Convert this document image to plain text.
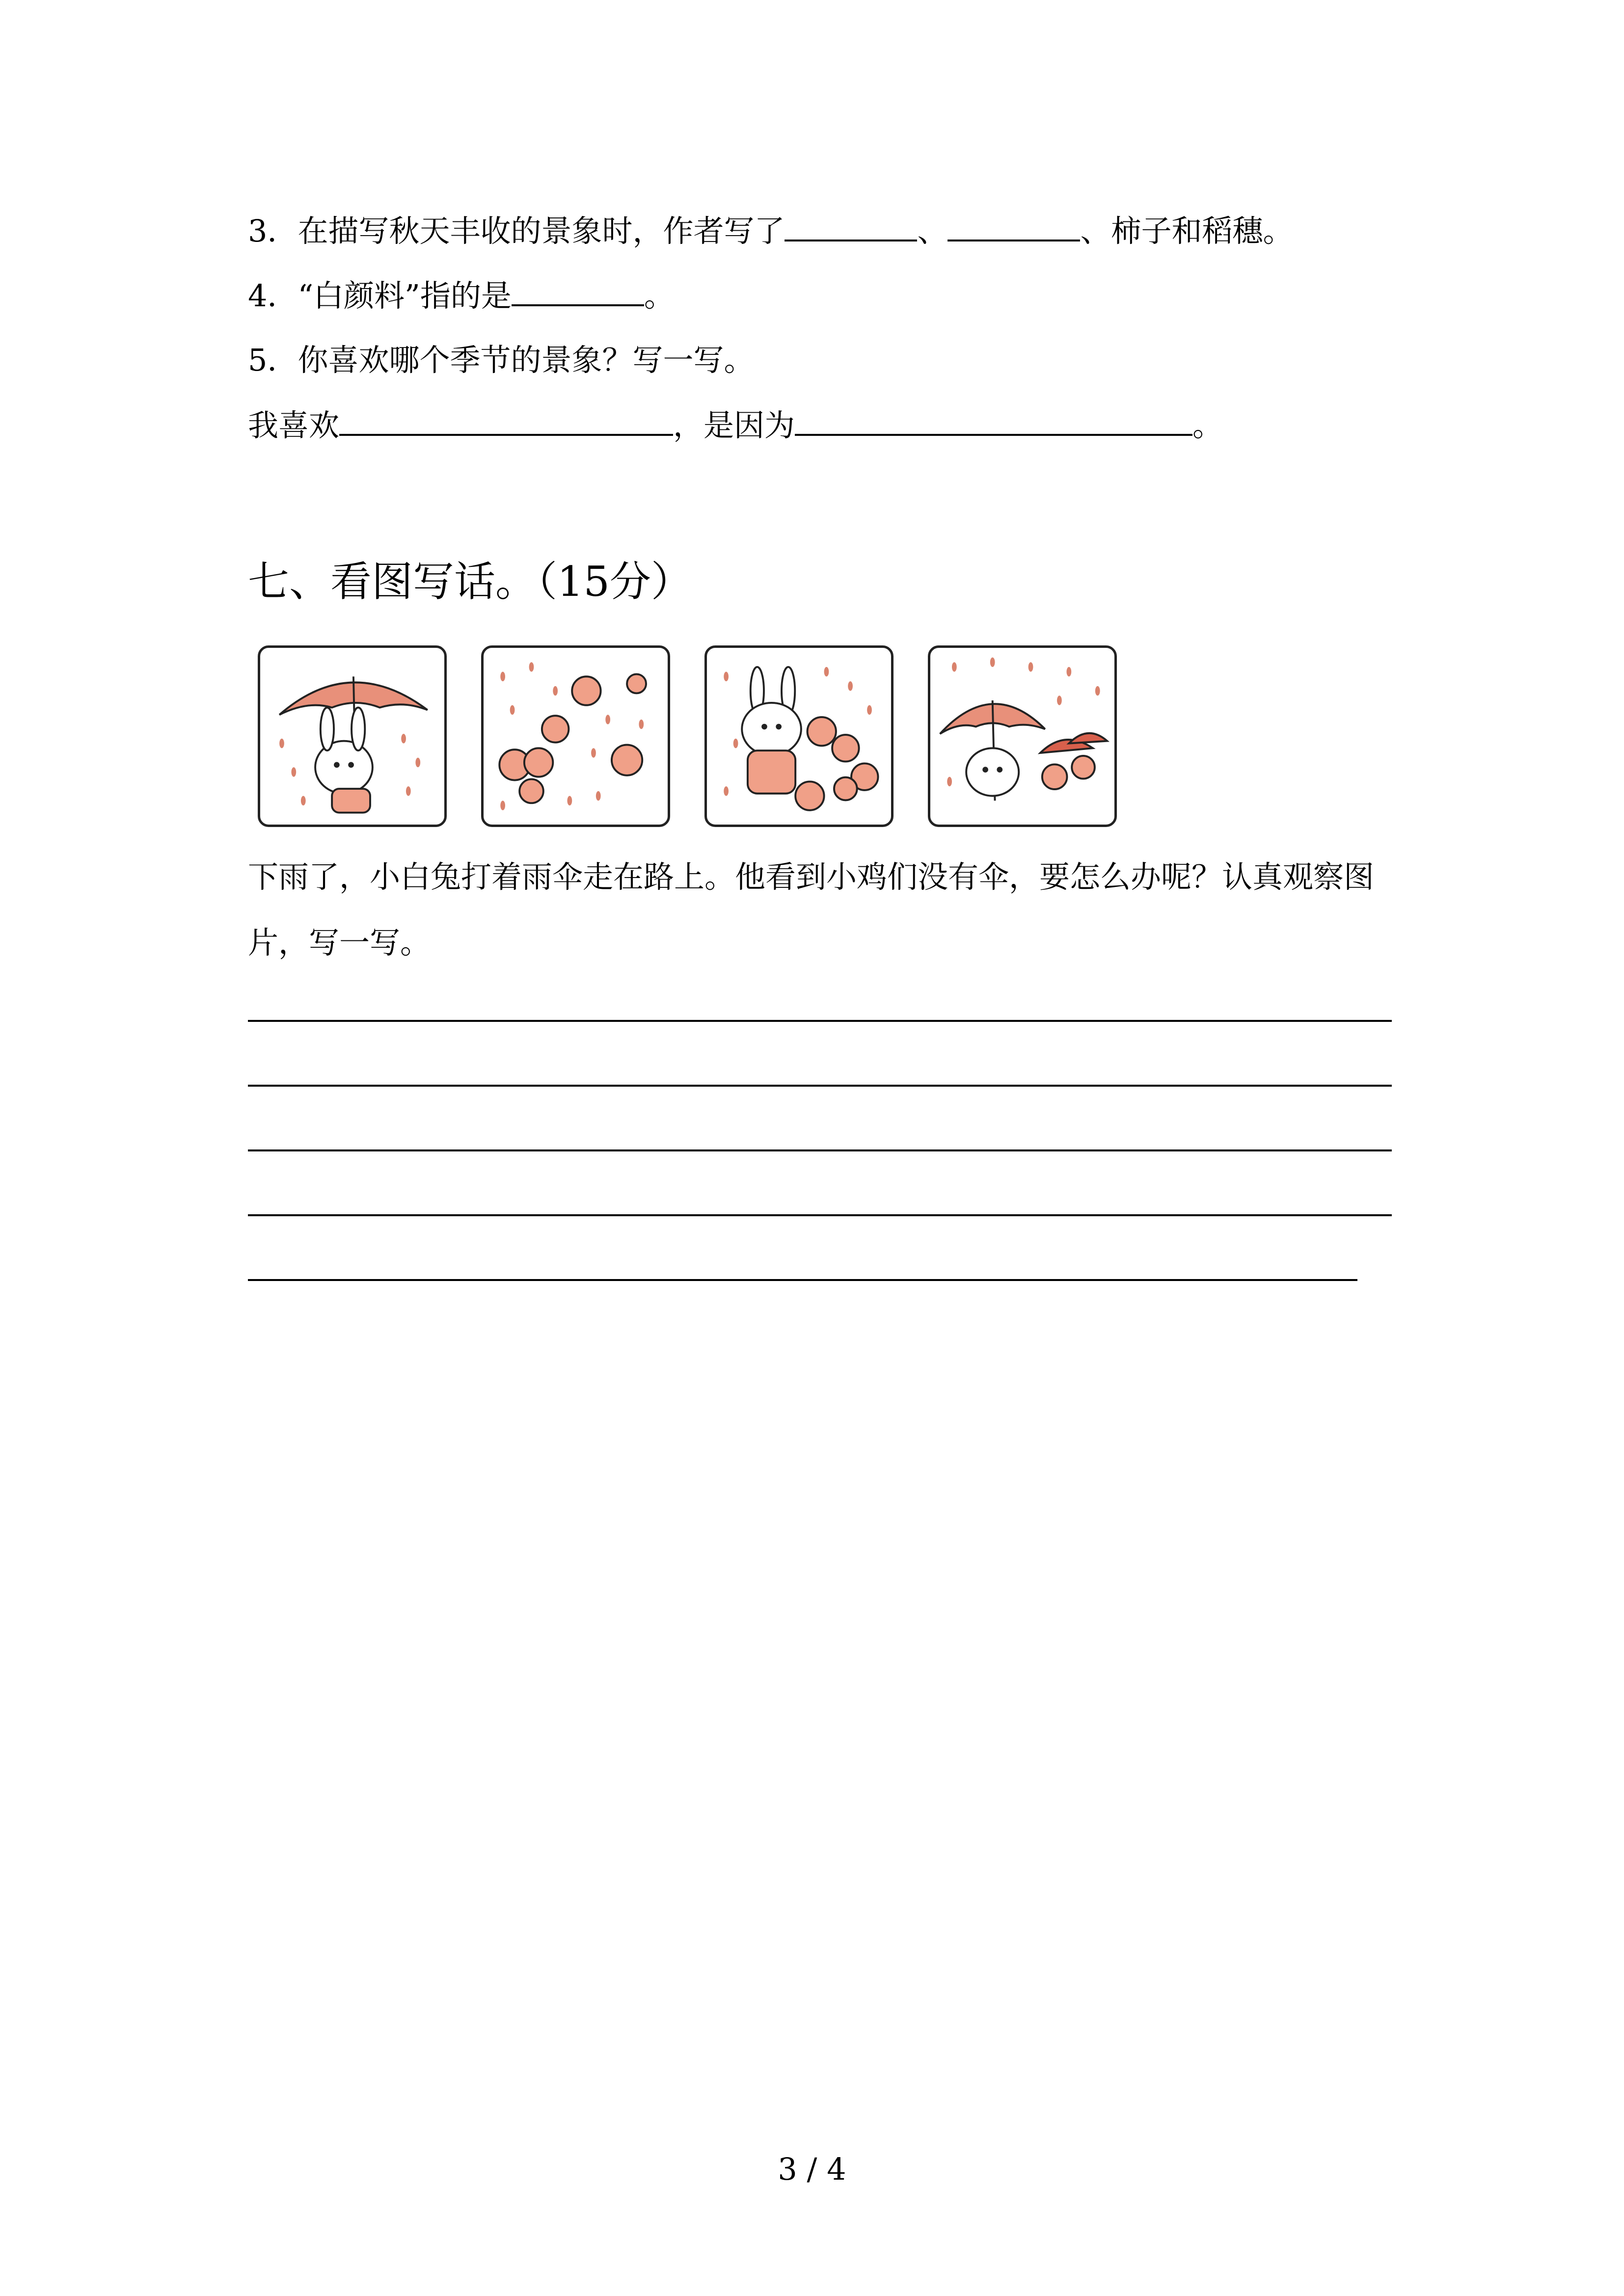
3．在描写秋天丰收的景象时，作者写了	、	、柿子和稻穗。
4．“白颜料”指的是	。
5．你喜欢哪个季节的景象？写一写。
我喜欢	，是因为	。
七、看图写话。（15分）
下雨了，小白兔打着雨伞走在路上。他看到小鸡们没有伞，要怎么办呢？认真观察图片，写一写。
3 / 4
